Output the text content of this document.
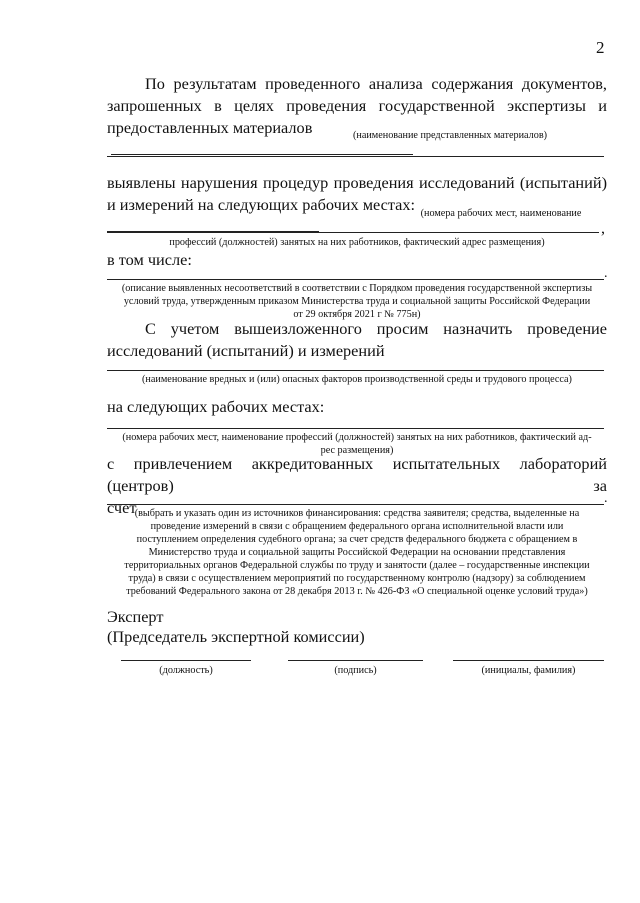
2
По результатам проведенного анализа содержания документов,
запрошенных в целях проведения государственной экспертизы и
предоставленных материалов	(наименование представленных материалов)
выявлены нарушения процедур проведения исследований (испытаний)
и измерений на следующих рабочих местах: (номера рабочих мест, наименование
,
профессий (должностей) занятых на них работников, фактический адрес размещения)
в том числе:
.
(описание выявленных несоответствий в соответствии с Порядком проведения государственной экспертизы
условий труда, утвержденным приказом Министерства труда и социальной защиты Российской Федерации
от 29 октября 2021 г № 775н)
С учетом вышеизложенного просим назначить проведение
исследований (испытаний) и измерений
(наименование вредных и (или) опасных факторов производственной среды и трудового процесса)
на следующих рабочих местах:
(номера рабочих мест, наименование профессий (должностей) занятых на них работников, фактический ад-
рес размещения)
с привлечением аккредитованных испытательных лабораторий (центров) за
счет	.
(выбрать и указать один из источников финансирования: средства заявителя; средства, выделенные на
проведение измерений в связи с обращением федерального органа исполнительной власти или
поступлением определения судебного органа; за счет средств федерального бюджета с обращением в
Министерство труда и социальной защиты Российской Федерации на основании представления
территориальных органов Федеральной службы по труду и занятости (далее – государственные инспекции
труда) в связи с осуществлением мероприятий по государственному контролю (надзору) за соблюдением
требований Федерального закона от 28 декабря 2013 г. № 426-ФЗ «О специальной оценке условий труда»)
Эксперт
(Председатель экспертной комиссии)
(должность)	(подпись)	(инициалы, фамилия)
